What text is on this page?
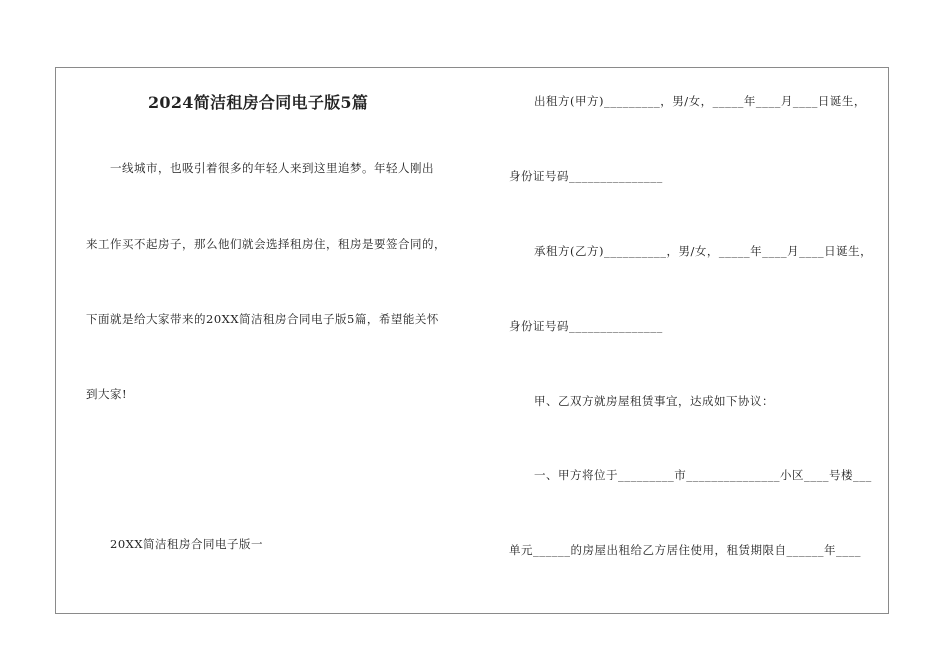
2024简洁租房合同电子版5篇
一线城市，也吸引着很多的年轻人来到这里追梦。年轻人刚出
来工作买不起房子，那么他们就会选择租房住，租房是要签合同的，
下面就是给大家带来的20XX简洁租房合同电子版5篇，希望能关怀
到大家!
20XX简洁租房合同电子版一
出租方(甲方)_________，男/女，_____年____月____日诞生，
身份证号码_______________
承租方(乙方)__________，男/女，_____年____月____日诞生，
身份证号码_______________
甲、乙双方就房屋租赁事宜，达成如下协议：
一、甲方将位于_________市_______________小区____号楼___
单元______的房屋出租给乙方居住使用，租赁期限自______年____
